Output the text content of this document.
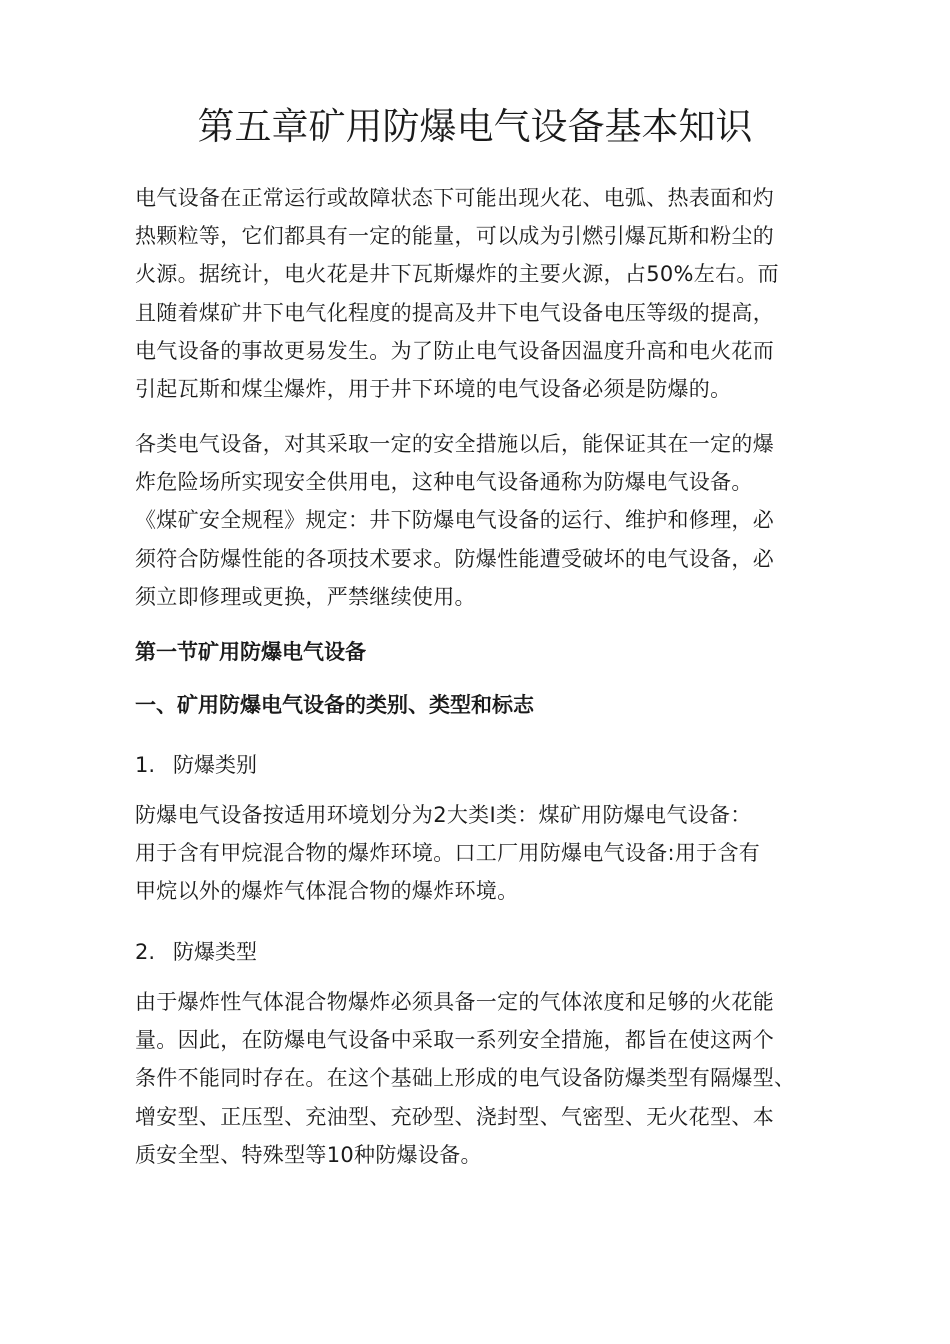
第五章矿用防爆电气设备基本知识

电气设备在正常运行或故障状态下可能出现火花、电弧、热表面和灼
热颗粒等，它们都具有一定的能量，可以成为引燃引爆瓦斯和粉尘的
火源。据统计，电火花是井下瓦斯爆炸的主要火源，占50%左右。而
且随着煤矿井下电气化程度的提高及井下电气设备电压等级的提高，
电气设备的事故更易发生。为了防止电气设备因温度升高和电火花而
引起瓦斯和煤尘爆炸，用于井下环境的电气设备必须是防爆的。

各类电气设备，对其采取一定的安全措施以后，能保证其在一定的爆
炸危险场所实现安全供用电，这种电气设备通称为防爆电气设备。
《煤矿安全规程》规定：井下防爆电气设备的运行、维护和修理，必
须符合防爆性能的各项技术要求。防爆性能遭受破坏的电气设备，必
须立即修理或更换，严禁继续使用。

第一节矿用防爆电气设备
一、矿用防爆电气设备的类别、类型和标志
1. 防爆类别

防爆电气设备按适用环境划分为2大类I类：煤矿用防爆电气设备：
用于含有甲烷混合物的爆炸环境。口工厂用防爆电气设备:用于含有
甲烷以外的爆炸气体混合物的爆炸环境。

2. 防爆类型

由于爆炸性气体混合物爆炸必须具备一定的气体浓度和足够的火花能
量。因此，在防爆电气设备中采取一系列安全措施，都旨在使这两个
条件不能同时存在。在这个基础上形成的电气设备防爆类型有隔爆型、
增安型、正压型、充油型、充砂型、浇封型、气密型、无火花型、本
质安全型、特殊型等10种防爆设备。
